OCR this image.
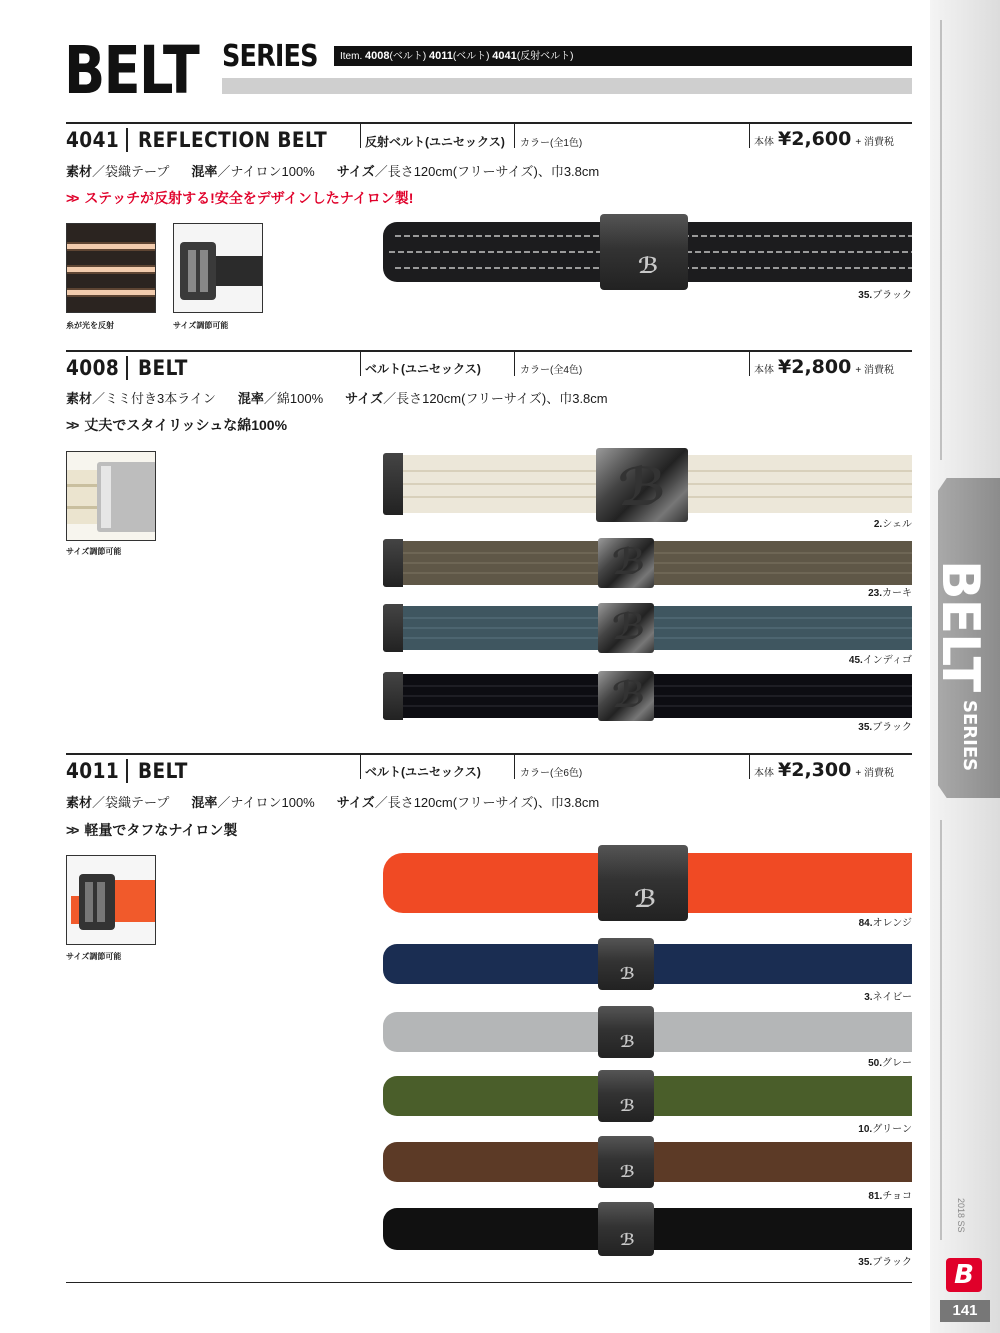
BELT SERIES	Item. 4008(ベルト) 4011(ベルト) 4041(反射ベルト)
4041 REFLECTION BELT	反射ベルト(ユニセックス) カラー(全1色)	本体 ¥2,600 + 消費税
素材／袋織テープ 混率／ナイロン100% サイズ／長さ120cm(フリーサイズ)、巾3.8cm
>> ステッチが反射する!安全をデザインしたナイロン製!
糸が光を反射	サイズ調節可能
ℬ
35.ブラック
4008 BELT	ベルト(ユニセックス)	カラー(全4色)	本体 ¥2,800 + 消費税
素材／ミミ付き3本ライン 混率／綿100% サイズ／長さ120cm(フリーサイズ)、巾3.8cm
>> 丈夫でスタイリッシュな綿100%
サイズ調節可能
ℬ
2.シェル
ℬ
23.カーキ
ℬ
45.インディゴ
ℬ
35.ブラック
4011 BELT	ベルト(ユニセックス)	カラー(全6色)	本体 ¥2,300 + 消費税
素材／袋織テープ 混率／ナイロン100% サイズ／長さ120cm(フリーサイズ)、巾3.8cm
>> 軽量でタフなナイロン製
サイズ調節可能
ℬ
84.オレンジ
ℬ
3.ネイビー
ℬ
50.グレー
ℬ
10.グリーン
ℬ
81.チョコ
ℬ
35.ブラック
BELT
SERIES
2018 SS
B
141
